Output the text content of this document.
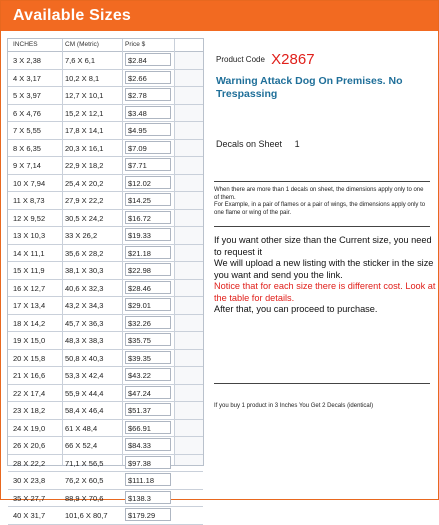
Available Sizes
INCHES	CM (Metric)	Price $
3 X 2,38	7,6 X 6,1	$2.84
4 X 3,17	10,2 X 8,1	$2.66
5 X 3,97	12,7 X 10,1	$2.78
6 X 4,76	15,2 X 12,1	$3.48
7 X 5,55	17,8 X 14,1	$4.95
8 X 6,35	20,3 X 16,1	$7.09
9 X 7,14	22,9 X 18,2	$7.71
10 X 7,94	25,4 X 20,2	$12.02
11 X 8,73	27,9 X 22,2	$14.25
12 X 9,52	30,5 X 24,2	$16.72
13 X 10,3	33 X 26,2	$19.33
14 X 11,1	35,6 X 28,2	$21.18
15 X 11,9	38,1 X 30,3	$22.98
16 X 12,7	40,6 X 32,3	$28.46
17 X 13,4	43,2 X 34,3	$29.01
18 X 14,2	45,7 X 36,3	$32.26
19 X 15,0	48,3 X 38,3	$35.75
20 X 15,8	50,8 X 40,3	$39.35
21 X 16,6	53,3 X 42,4	$43.22
22 X 17,4	55,9 X 44,4	$47.24
23 X 18,2	58,4 X 46,4	$51.37
24 X 19,0	61 X 48,4	$66.91
26 X 20,6	66 X 52,4	$84.33
28 X 22,2	71,1 X 56,5	$97.38
30 X 23,8	76,2 X 60,5	$111.18
35 X 27,7	88,9 X 70,6	$138.3
40 X 31,7	101,6 X 80,7	$179.29
Product Code X2867
Warning Attack Dog On Premises. No Trespassing
Decals on Sheet 1

When there are more than 1 decals on sheet, the dimensions apply only to one of them.

For Example, in a pair of flames or a pair of wings, the dimensions apply only to one flame or wing of the pair.

If you want other size than the Current size, you need to request it

We will upload a new listing with the sticker in the size you want and send you the link.

Notice that for each size there is different cost. Look at the table for details.

After that, you can proceed to purchase.

If you buy 1 product in 3 Inches You Get 2 Decals (identical)
